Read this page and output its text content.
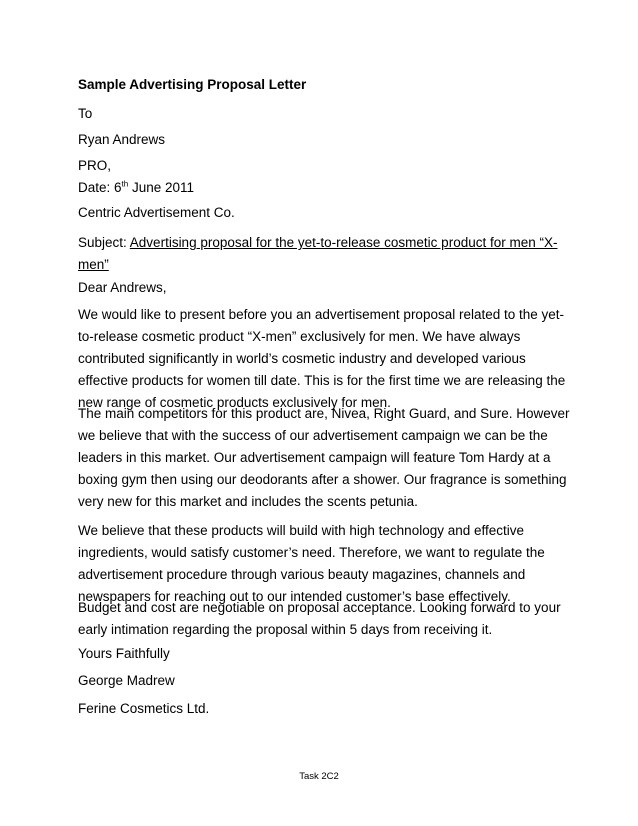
Sample Advertising Proposal Letter

To

Ryan Andrews

PRO,

Date: 6th June 2011

Centric Advertisement Co.

Subject: Advertising proposal for the yet-to-release cosmetic product for men “X-men”

Dear Andrews,

We would like to present before you an advertisement proposal related to the yet-to-release cosmetic product “X-men” exclusively for men. We have always contributed significantly in world’s cosmetic industry and developed various effective products for women till date. This is for the first time we are releasing the new range of cosmetic products exclusively for men.

The main competitors for this product are, Nivea, Right Guard, and Sure. However we believe that with the success of our advertisement campaign we can be the leaders in this market. Our advertisement campaign will feature Tom Hardy at a boxing gym then using our deodorants after a shower. Our fragrance is something very new for this market and includes the scents petunia.

We believe that these products will build with high technology and effective ingredients, would satisfy customer’s need. Therefore, we want to regulate the advertisement procedure through various beauty magazines, channels and newspapers for reaching out to our intended customer’s base effectively.

Budget and cost are negotiable on proposal acceptance. Looking forward to your early intimation regarding the proposal within 5 days from receiving it.

Yours Faithfully

George Madrew

Ferine Cosmetics Ltd.

Task 2C2
